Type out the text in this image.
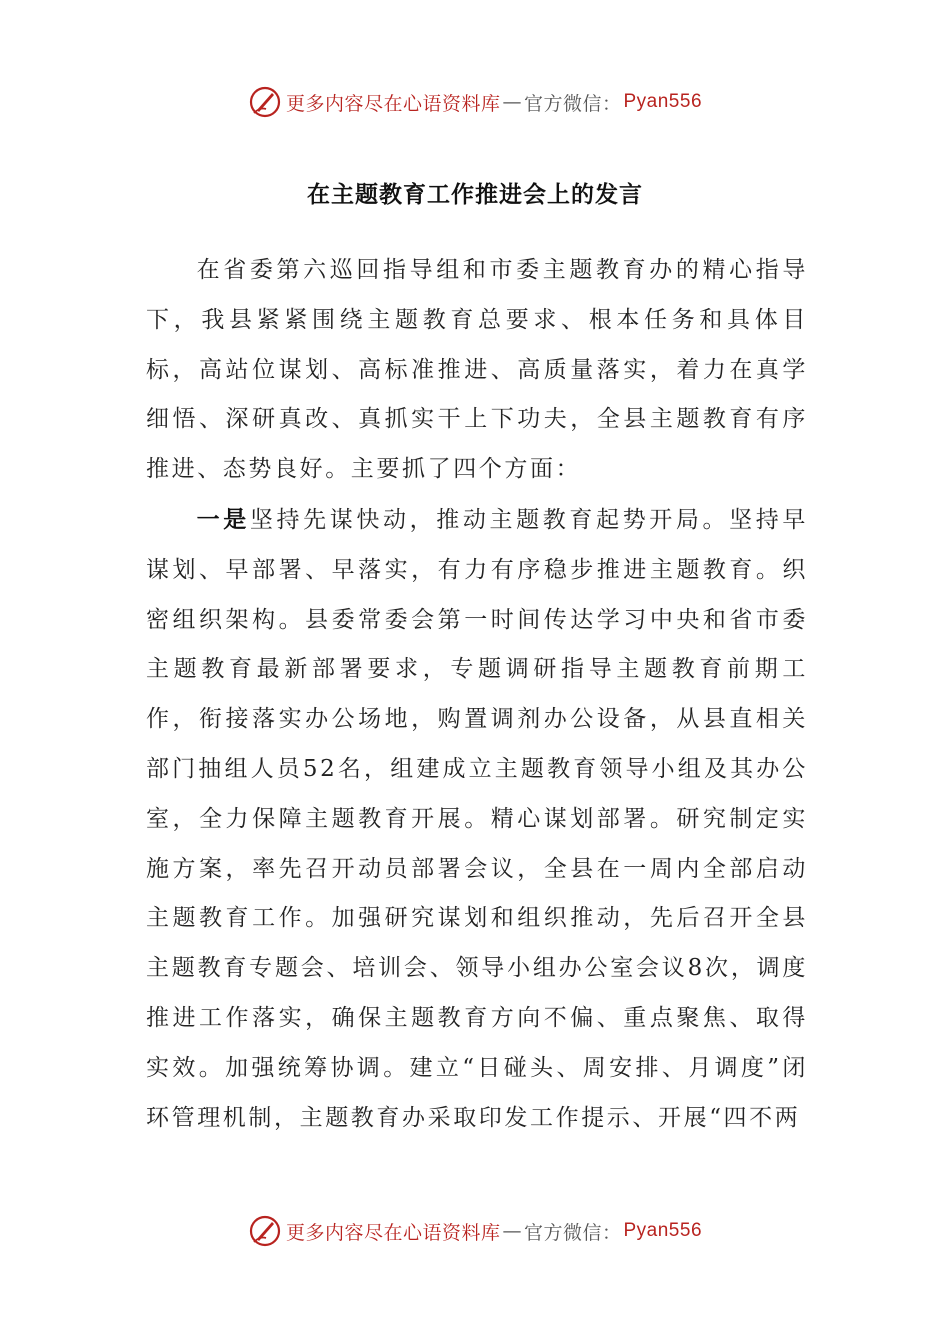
更多内容尽在心语资料库 — 官方微信： Pyan556
在主题教育工作推进会上的发言

在省委第六巡回指导组和市委主题教育办的精心指导下，我县紧紧围绕主题教育总要求、根本任务和具体目标，高站位谋划、高标准推进、高质量落实，着力在真学细悟、深研真改、真抓实干上下功夫，全县主题教育有序推进、态势良好。主要抓了四个方面：

一是坚持先谋快动，推动主题教育起势开局。坚持早谋划、早部署、早落实，有力有序稳步推进主题教育。织密组织架构。县委常委会第一时间传达学习中央和省市委主题教育最新部署要求，专题调研指导主题教育前期工作，衔接落实办公场地，购置调剂办公设备，从县直相关部门抽组人员52名，组建成立主题教育领导小组及其办公室，全力保障主题教育开展。精心谋划部署。研究制定实施方案，率先召开动员部署会议，全县在一周内全部启动主题教育工作。加强研究谋划和组织推动，先后召开全县主题教育专题会、培训会、领导小组办公室会议8次，调度推进工作落实，确保主题教育方向不偏、重点聚焦、取得实效。加强统筹协调。建立“日碰头、周安排、月调度”闭环管理机制，主题教育办采取印发工作提示、开展“四不两

更多内容尽在心语资料库 — 官方微信： Pyan556
